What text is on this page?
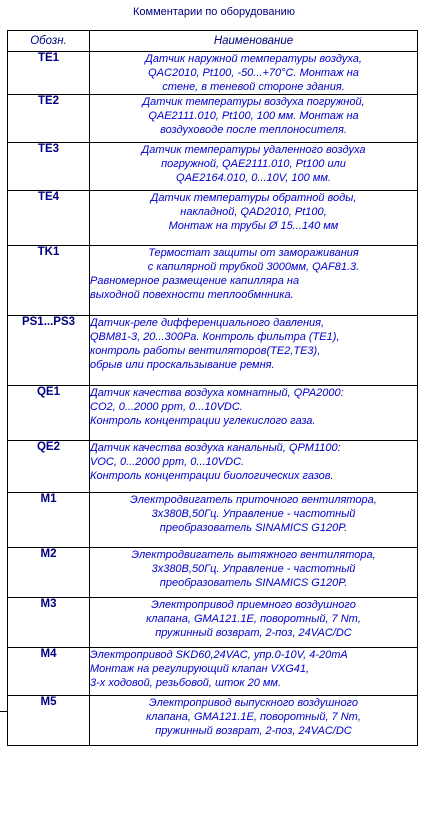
Комментарии по оборудованию
Обозн.	Наименование
TE1	Датчик наружной температуры воздуха,
QAC2010, Pt100, -50...+70°C. Монтаж на
стене, в теневой стороне здания.

TE2	Датчик температуры воздуха погружной,
QAE2111.010, Pt100, 100 мм. Монтаж на
воздуховоде после теплоносителя.

TE3	Датчик температуры удаленного воздуха
погружной, QAE2111.010, Pt100 или
QAE2164.010, 0...10V, 100 мм.

TE4	Датчик температуры обратной воды,
накладной, QAD2010, Pt100,
Монтаж на трубы Ø 15...140 мм

TK1	Термостат защиты от замораживания
с капилярной трубкой 3000мм, QAF81.3.
Равномерное размещение капилляра на
выходной повехности теплообмнника.

PS1...PS3	Датчик-реле дифференциального давления,
QBM81-3, 20...300Pa. Контроль фильтра (TE1),
контроль работы вентиляторов(TE2,TE3),
обрыв или проскальзывание ремня.

QE1	Датчик качества воздуха комнатный, QPA2000:
CO2, 0...2000 ppm, 0...10VDC.
Контроль концентрации углекислого газа.

QE2	Датчик качества воздуха канальный, QPM1100:
VOC, 0...2000 ppm, 0...10VDC.
Контроль концентрации биологических газов.

M1	Электродвигатель приточного вентилятора,
3х380В,50Гц. Управление - частотный
преобразователь SINAMICS G120P.

M2	Электродвигатель вытяжного вентилятора,
3х380В,50Гц. Управление - частотный
преобразователь SINAMICS G120P.

M3	Электропривод приемного воздушного
клапана, GMA121.1E, поворотный, 7 Nm,
пружинный возврат, 2-поз, 24VAC/DC

M4	Электропривод SKD60,24VAC, упр.0-10V, 4-20mA
Монтаж на регулирующий клапан VXG41,
3-х ходовой, резьбовой, шток 20 мм.

M5	Электропривод выпускного воздушного
клапана, GMA121.1E, поворотный, 7 Nm,
пружинный возврат, 2-поз, 24VAC/DC
